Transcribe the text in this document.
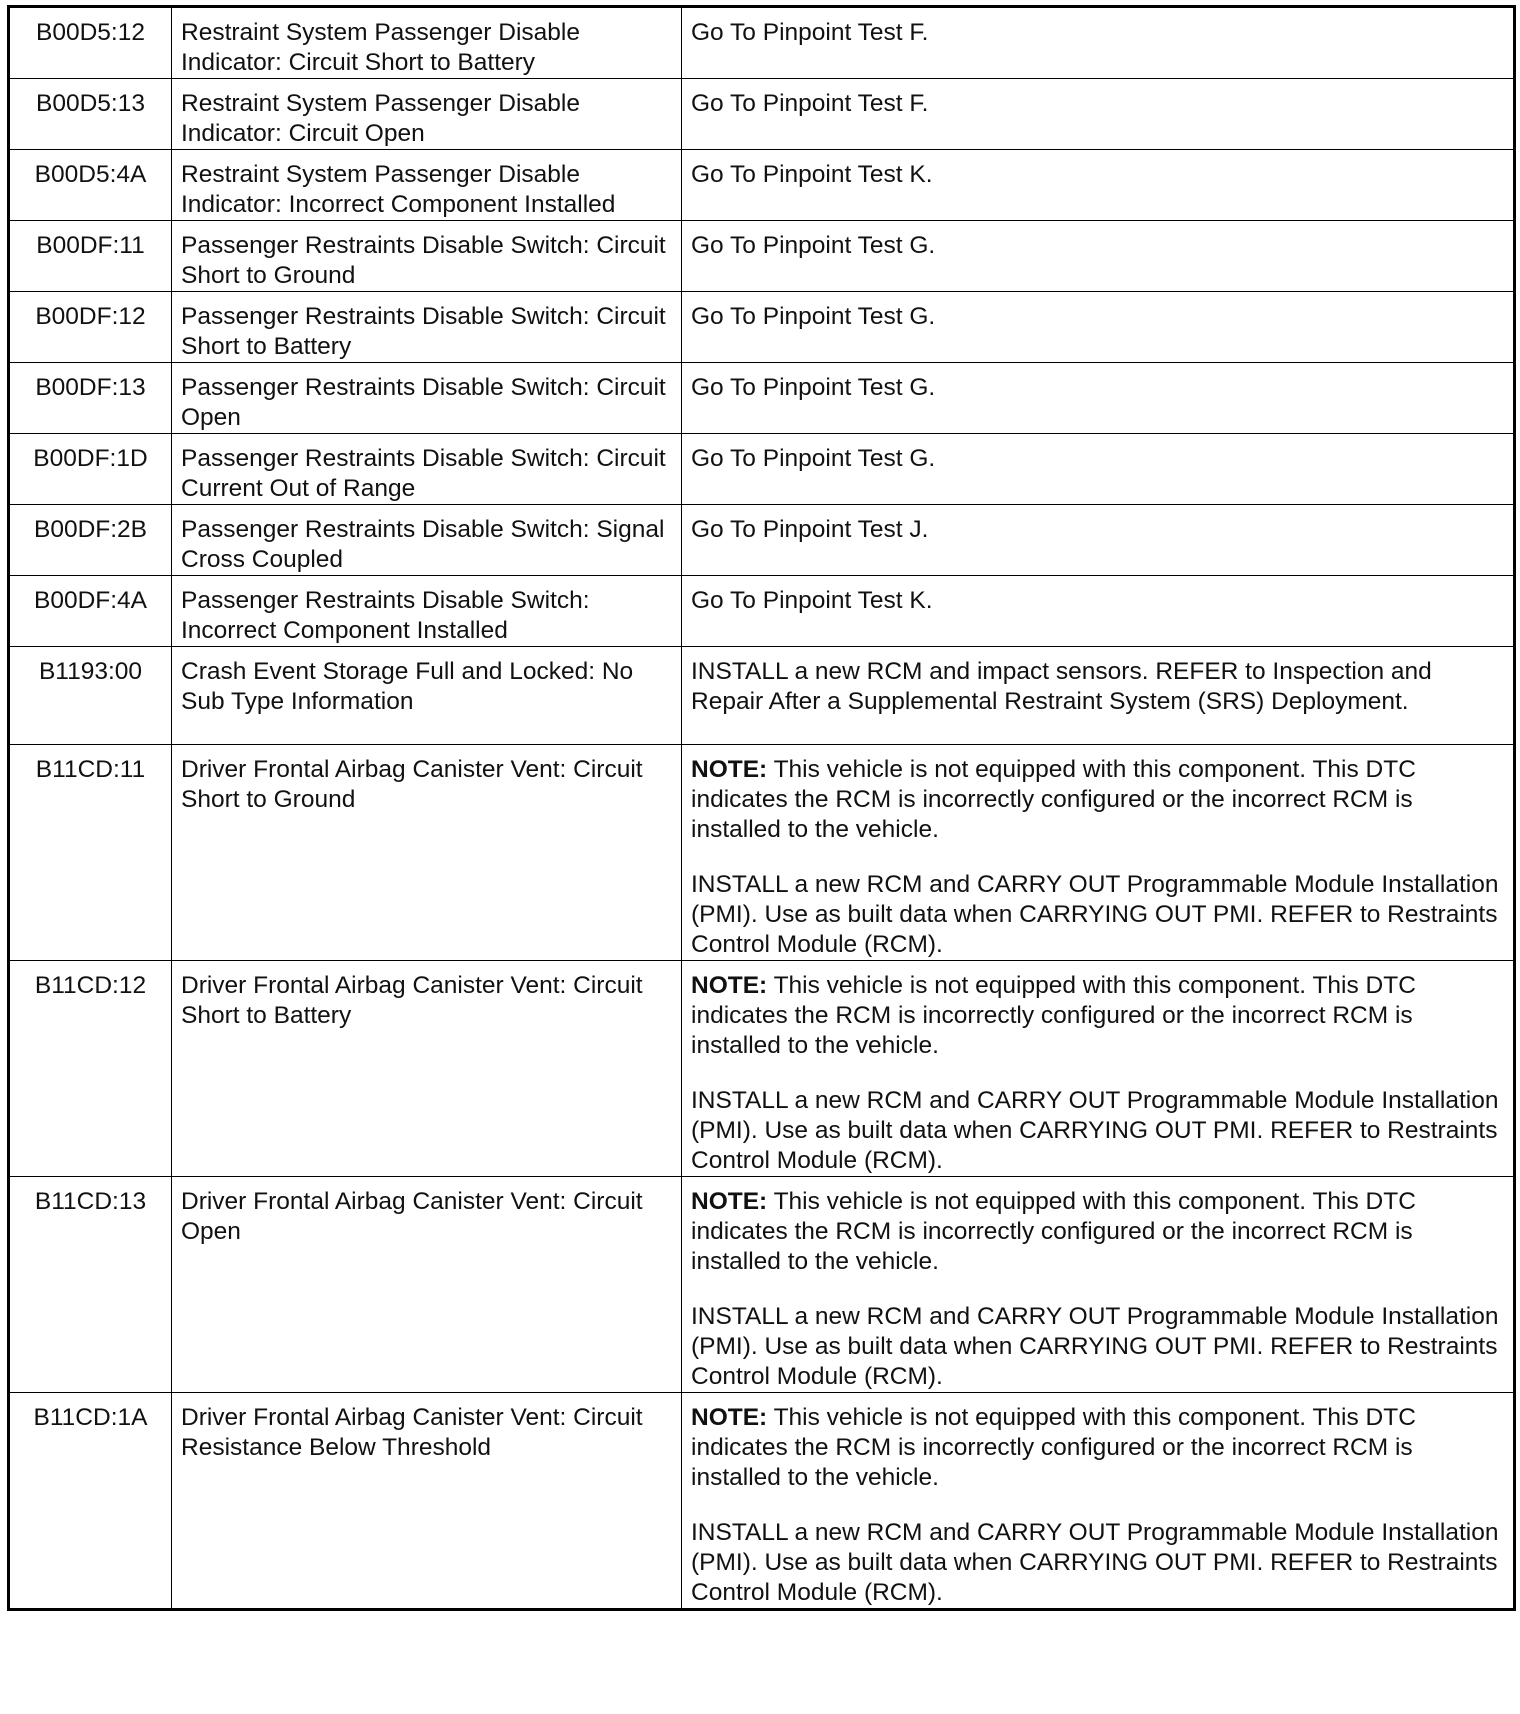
B00D5:12	Restraint System Passenger Disable Indicator: Circuit Short to Battery	Go To Pinpoint Test F.
B00D5:13	Restraint System Passenger Disable Indicator: Circuit Open	Go To Pinpoint Test F.
B00D5:4A	Restraint System Passenger Disable Indicator: Incorrect Component Installed	Go To Pinpoint Test K.
B00DF:11	Passenger Restraints Disable Switch: Circuit Short to Ground	Go To Pinpoint Test G.
B00DF:12	Passenger Restraints Disable Switch: Circuit Short to Battery	Go To Pinpoint Test G.
B00DF:13	Passenger Restraints Disable Switch: Circuit Open	Go To Pinpoint Test G.
B00DF:1D	Passenger Restraints Disable Switch: Circuit Current Out of Range	Go To Pinpoint Test G.
B00DF:2B	Passenger Restraints Disable Switch: Signal Cross Coupled	Go To Pinpoint Test J.
B00DF:4A	Passenger Restraints Disable Switch: Incorrect Component Installed	Go To Pinpoint Test K.
B1193:00	Crash Event Storage Full and Locked: No Sub Type Information	INSTALL a new RCM and impact sensors. REFER to Inspection and Repair After a Supplemental Restraint System (SRS) Deployment.
B11CD:11	Driver Frontal Airbag Canister Vent: Circuit Short to Ground	NOTE: This vehicle is not equipped with this component. This DTC indicates the RCM is incorrectly configured or the incorrect RCM is installed to the vehicle.

INSTALL a new RCM and CARRY OUT Programmable Module Installation (PMI). Use as built data when CARRYING OUT PMI. REFER to Restraints Control Module (RCM).

B11CD:12	Driver Frontal Airbag Canister Vent: Circuit Short to Battery	NOTE: This vehicle is not equipped with this component. This DTC indicates the RCM is incorrectly configured or the incorrect RCM is installed to the vehicle.

INSTALL a new RCM and CARRY OUT Programmable Module Installation (PMI). Use as built data when CARRYING OUT PMI. REFER to Restraints Control Module (RCM).

B11CD:13	Driver Frontal Airbag Canister Vent: Circuit Open	NOTE: This vehicle is not equipped with this component. This DTC indicates the RCM is incorrectly configured or the incorrect RCM is installed to the vehicle.

INSTALL a new RCM and CARRY OUT Programmable Module Installation (PMI). Use as built data when CARRYING OUT PMI. REFER to Restraints Control Module (RCM).

B11CD:1A	Driver Frontal Airbag Canister Vent: Circuit Resistance Below Threshold	NOTE: This vehicle is not equipped with this component. This DTC indicates the RCM is incorrectly configured or the incorrect RCM is installed to the vehicle.

INSTALL a new RCM and CARRY OUT Programmable Module Installation (PMI). Use as built data when CARRYING OUT PMI. REFER to Restraints Control Module (RCM).
